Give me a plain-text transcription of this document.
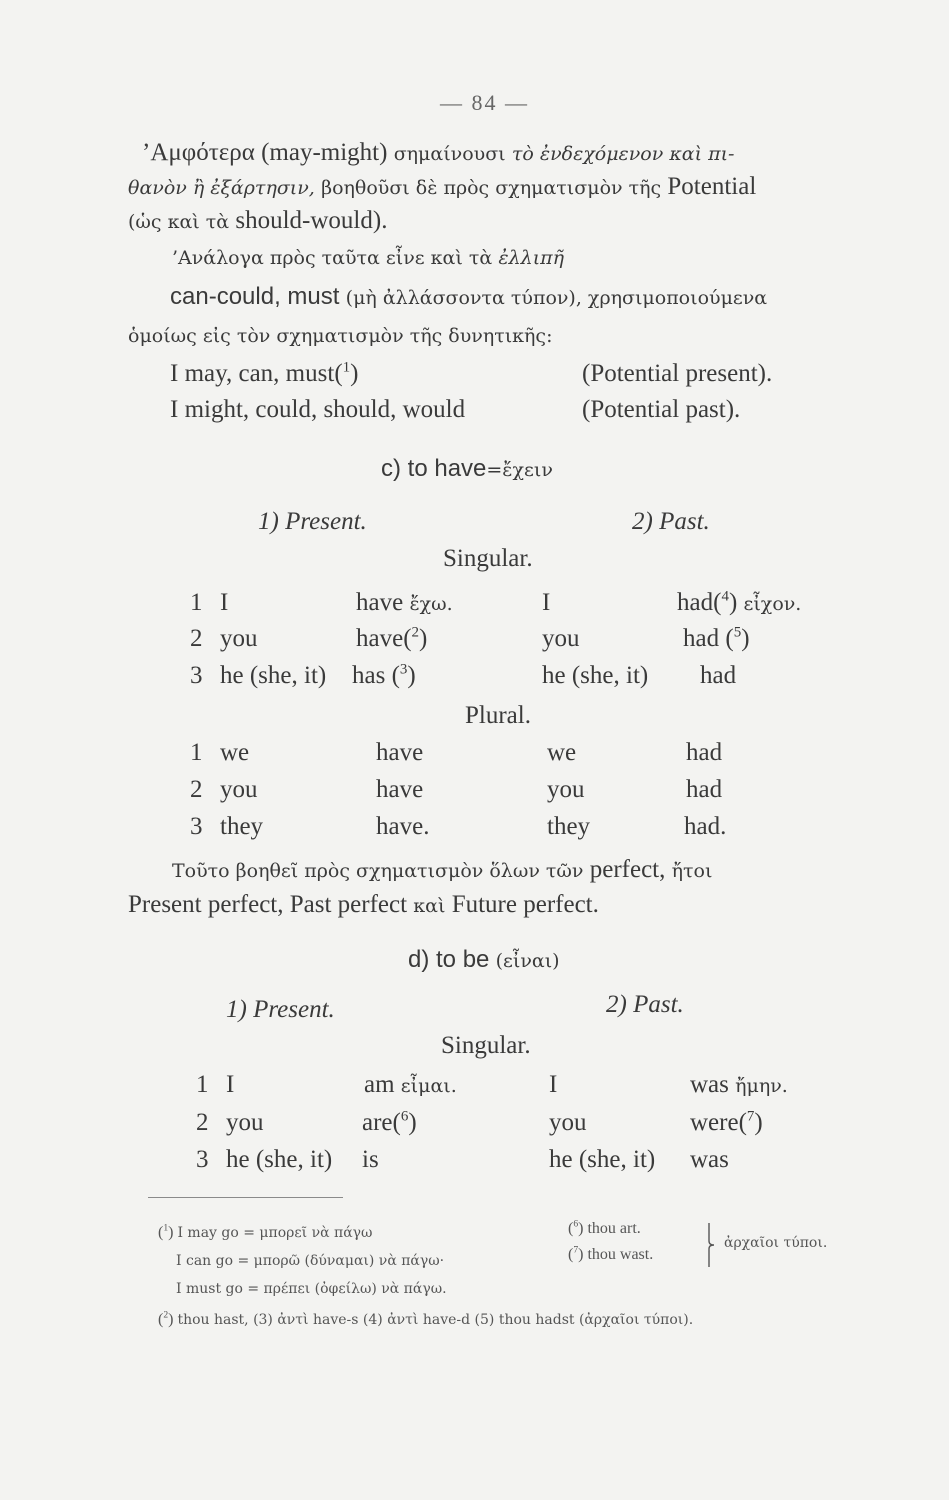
— 84 —
’Αμφότερα (may-might) σημαίνουσι τὸ ἐνδεχόμενον καὶ πι-
θανὸν ἢ ἐξάρτησιν, βοηθοῦσι δὲ πρὸς σχηματισμὸν τῆς Potential
(ὡς καὶ τὰ should-would).
’Ανάλογα πρὸς ταῦτα εἶνε καὶ τὰ ἐλλιπῆ
can-could, must (μὴ ἀλλάσσοντα τύπον), χρησιμοποιούμενα
ὁμοίως εἰς τὸν σχηματισμὸν τῆς δυνητικῆς:
I may, can, must($^1$)	(Potential present).
I might, could, should, would	(Potential past).
c) to have=ἔχειν
1) Present.	2) Past.
Singular.
1 I	have ἔχω.	I	had($^4$) εἶχον.
2 you	have($^2$)	you	had ($^5$)
3 he (she, it) has ($^3$)	he (she, it) had
Plural.
1 we	have	we	had
2 you	have	you	had
3 they	have.	they	had.
Τοῦτο βοηθεῖ πρὸς σχηματισμὸν ὅλων τῶν perfect, ἤτοι
Present perfect, Past perfect καὶ Future perfect.
d) to be (εἶναι)
1) Present.	2) Past.
Singular.
1 I	am εἶμαι.	I	was ἤμην.
2 you	are($^6$)	you	were($^7$)
3 he (she, it) is	he (she, it) was
($^1$) I may go = μπορεῖ νὰ πάγω
I can go = μπορῶ (δύναμαι) νὰ πάγω·
I must go = πρέπει (ὀφείλω) νὰ πάγω.
($^6$) thou art.
($^7$) thou wast.
ἀρχαῖοι τύποι.
($^2$) thou hast, (3) ἀντὶ have-s (4) ἀντὶ have-d (5) thou hadst (ἀρχαῖοι τύποι).
